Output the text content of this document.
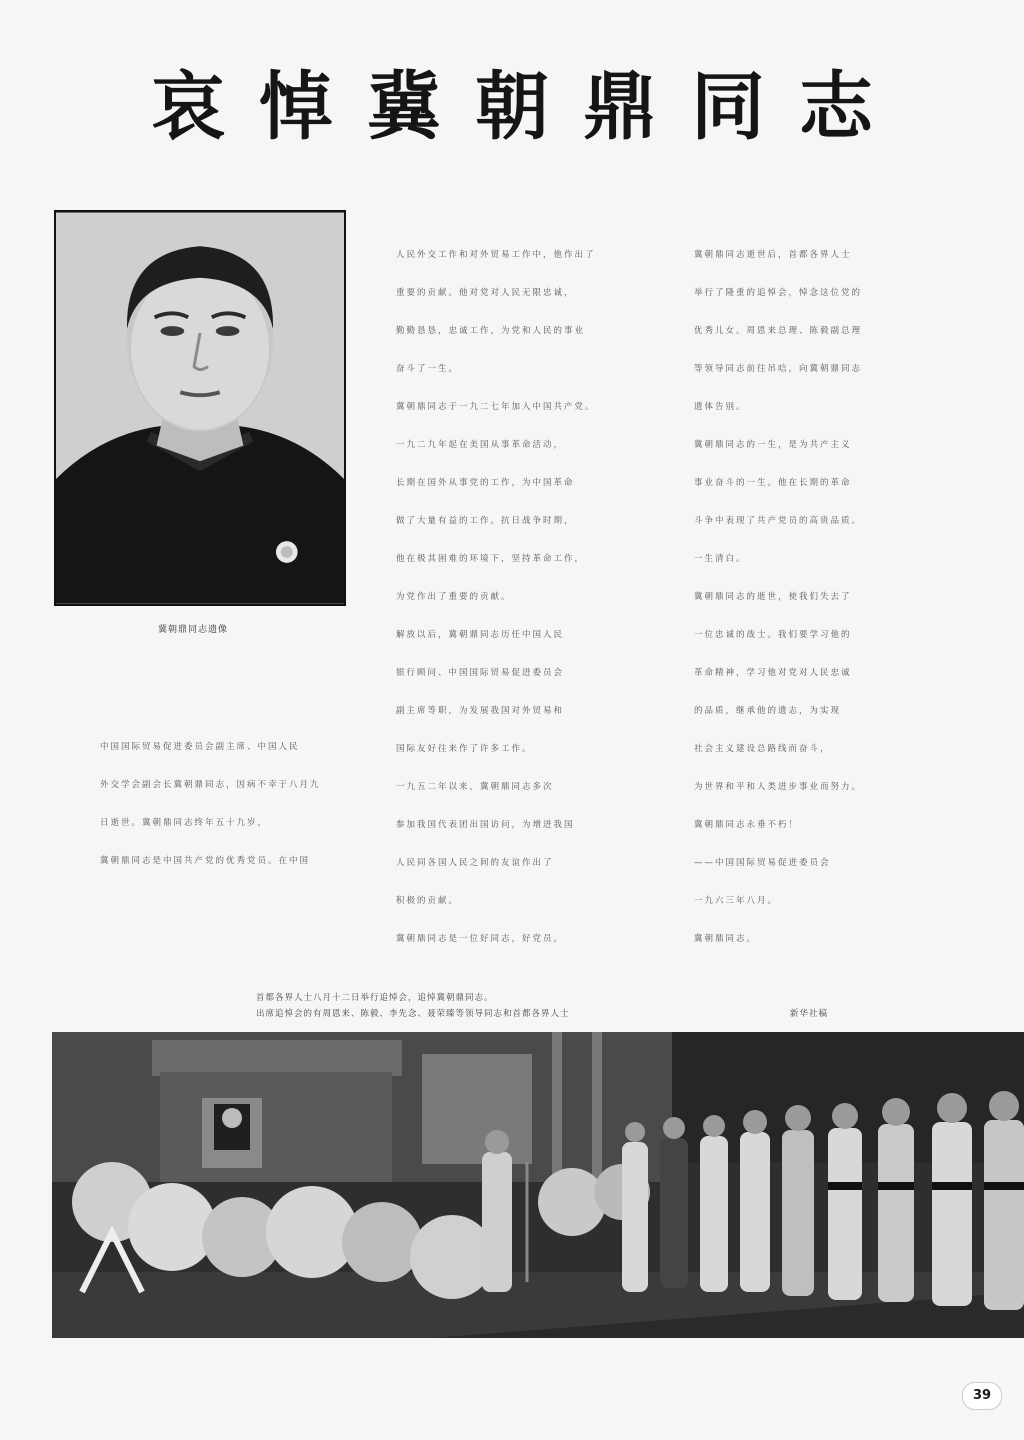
哀悼冀朝鼎同志
冀朝鼎同志遗像
中国国际贸易促进委员会副主席、中国人民
外交学会副会长冀朝鼎同志，因病不幸于八月九
日逝世。冀朝鼎同志终年五十九岁，
冀朝鼎同志是中国共产党的优秀党员。在中国
人民外交工作和对外贸易工作中，他作出了
重要的贡献。他对党对人民无限忠诚，
勤勤恳恳，忠诚工作，为党和人民的事业
奋斗了一生。
冀朝鼎同志于一九二七年加入中国共产党。
一九二九年起在美国从事革命活动，
长期在国外从事党的工作，为中国革命
做了大量有益的工作。抗日战争时期，
他在极其困难的环境下，坚持革命工作，
为党作出了重要的贡献。
解放以后，冀朝鼎同志历任中国人民
银行顾问、中国国际贸易促进委员会
副主席等职，为发展我国对外贸易和
国际友好往来作了许多工作。
一九五二年以来，冀朝鼎同志多次
参加我国代表团出国访问，为增进我国
人民同各国人民之间的友谊作出了
积极的贡献。
冀朝鼎同志是一位好同志，好党员。
冀朝鼎同志逝世后，首都各界人士
举行了隆重的追悼会，悼念这位党的
优秀儿女。周恩来总理、陈毅副总理
等领导同志前往吊唁，向冀朝鼎同志
遗体告别。
冀朝鼎同志的一生，是为共产主义
事业奋斗的一生。他在长期的革命
斗争中表现了共产党员的高贵品质。
一生清白。
冀朝鼎同志的逝世，使我们失去了
一位忠诚的战士。我们要学习他的
革命精神，学习他对党对人民忠诚
的品质，继承他的遗志，为实现
社会主义建设总路线而奋斗，
为世界和平和人类进步事业而努力。
冀朝鼎同志永垂不朽！
——中国国际贸易促进委员会
一九六三年八月。
冀朝鼎同志。
首都各界人士八月十二日举行追悼会，追悼冀朝鼎同志。
出席追悼会的有周恩来、陈毅、李先念、聂荣臻等领导同志和首都各界人士	新华社稿
39
